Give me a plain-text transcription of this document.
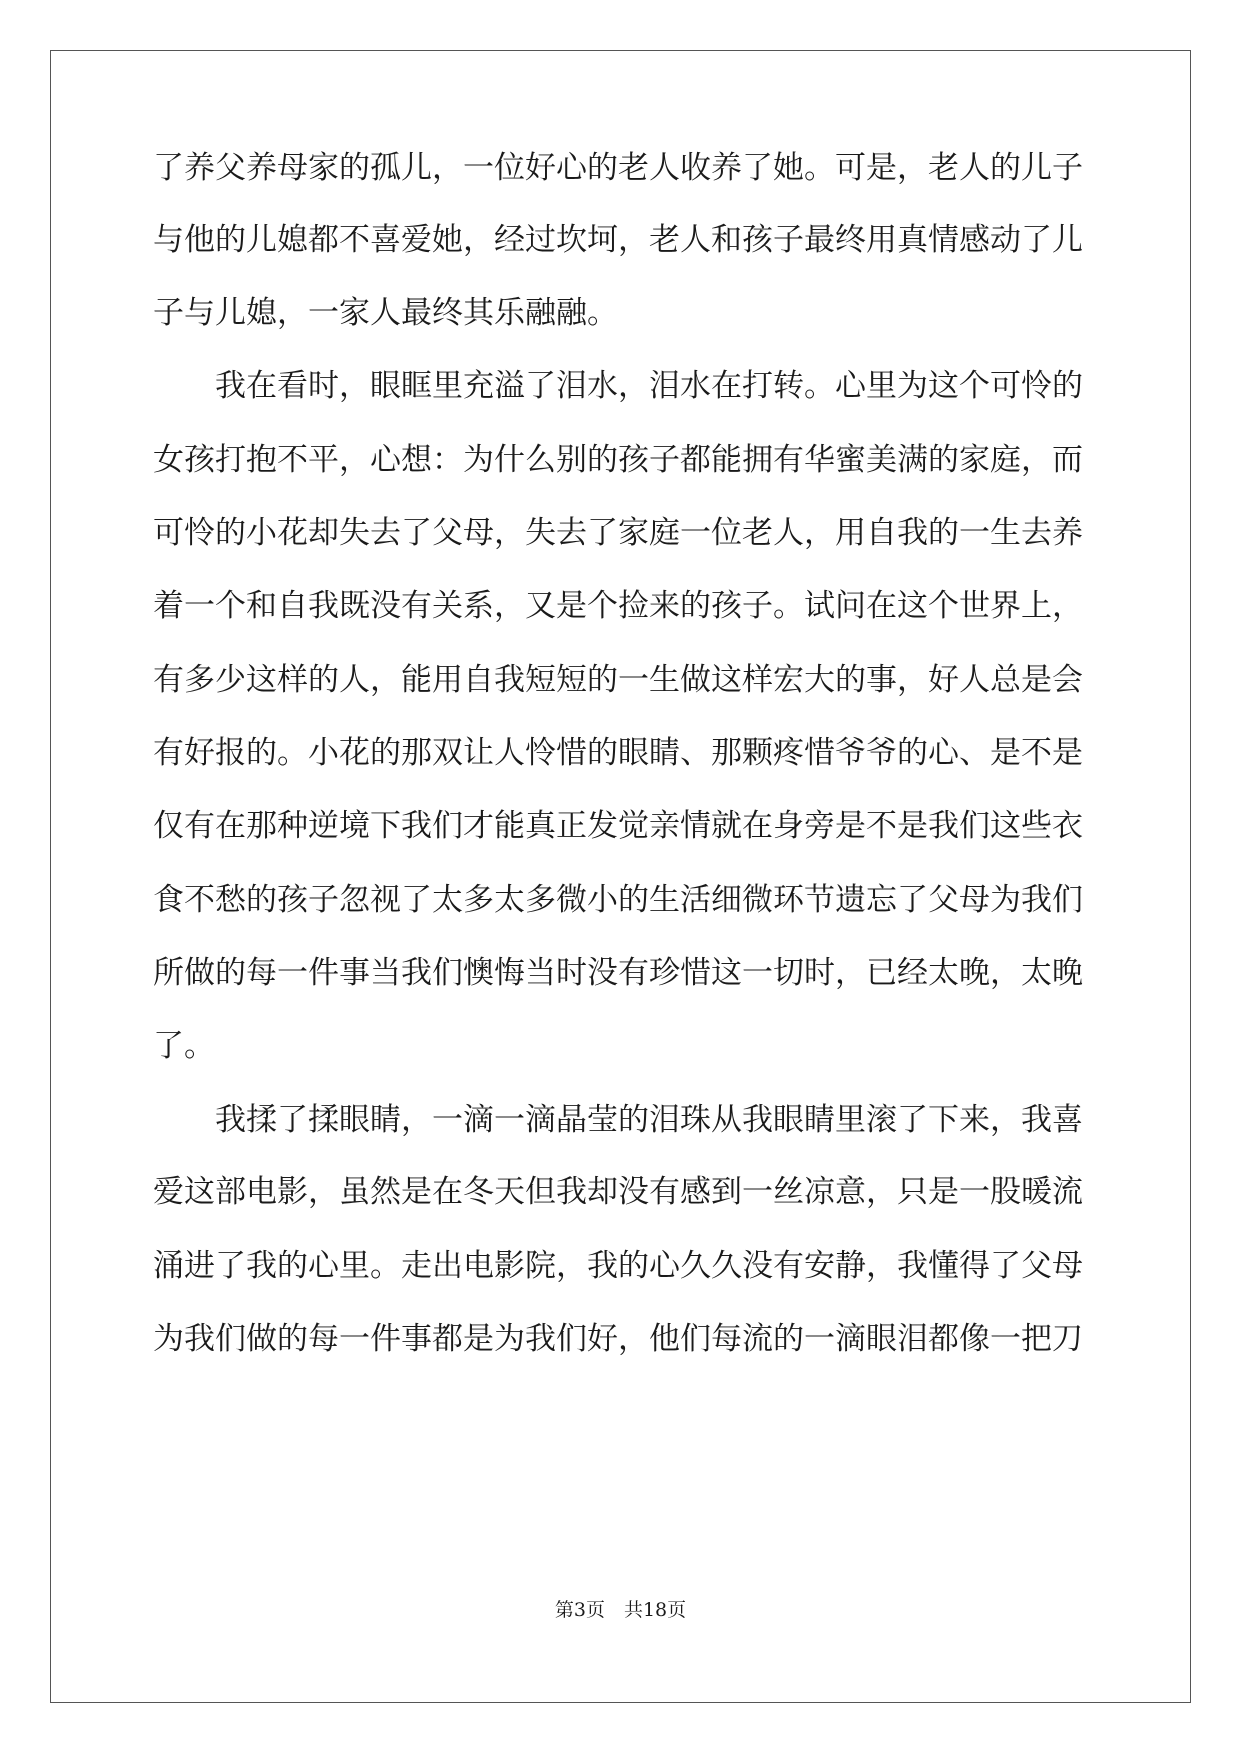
了养父养母家的孤儿，一位好心的老人收养了她。可是，老人的儿子
与他的儿媳都不喜爱她，经过坎坷，老人和孩子最终用真情感动了儿
子与儿媳，一家人最终其乐融融。
我在看时，眼眶里充溢了泪水，泪水在打转。心里为这个可怜的
女孩打抱不平，心想：为什么别的孩子都能拥有华蜜美满的家庭，而
可怜的小花却失去了父母，失去了家庭一位老人，用自我的一生去养
着一个和自我既没有关系，又是个捡来的孩子。试问在这个世界上，
有多少这样的人，能用自我短短的一生做这样宏大的事，好人总是会
有好报的。小花的那双让人怜惜的眼睛、那颗疼惜爷爷的心、是不是
仅有在那种逆境下我们才能真正发觉亲情就在身旁是不是我们这些衣
食不愁的孩子忽视了太多太多微小的生活细微环节遗忘了父母为我们
所做的每一件事当我们懊悔当时没有珍惜这一切时，已经太晚，太晚
了。
我揉了揉眼睛，一滴一滴晶莹的泪珠从我眼睛里滚了下来，我喜
爱这部电影，虽然是在冬天但我却没有感到一丝凉意，只是一股暖流
涌进了我的心里。走出电影院，我的心久久没有安静，我懂得了父母
为我们做的每一件事都是为我们好，他们每流的一滴眼泪都像一把刀
第3页　共18页
